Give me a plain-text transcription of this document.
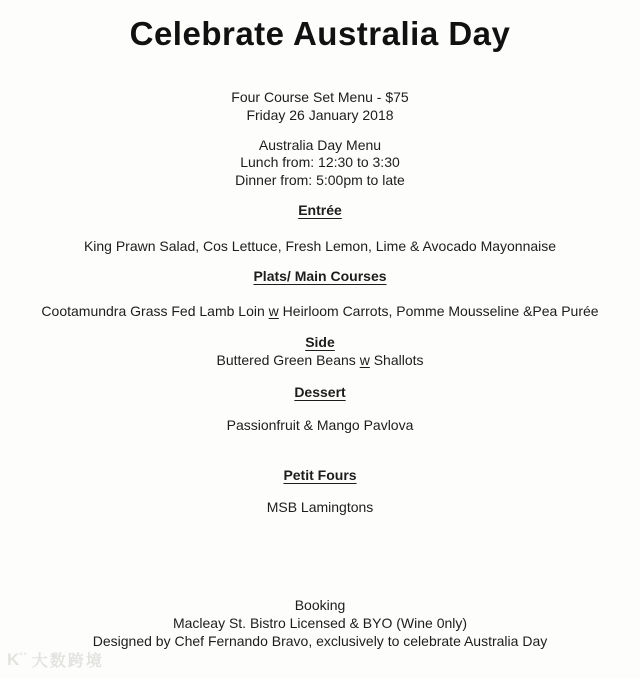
Celebrate Australia Day
Four Course Set Menu - $75
Friday 26 January 2018
Australia Day Menu
Lunch from: 12:30 to 3:30
Dinner from: 5:00pm to late
Entrée
King Prawn Salad, Cos Lettuce, Fresh Lemon, Lime & Avocado Mayonnaise
Plats/ Main Courses
Cootamundra Grass Fed Lamb Loin w Heirloom Carrots, Pomme Mousseline &Pea Purée
Side
Buttered Green Beans w Shallots
Dessert
Passionfruit & Mango Pavlova
Petit Fours
MSB Lamingtons
Booking
Macleay St. Bistro Licensed & BYO (Wine 0nly)
Designed by Chef Fernando Bravo, exclusively to celebrate Australia Day
K°° 大数跨境
